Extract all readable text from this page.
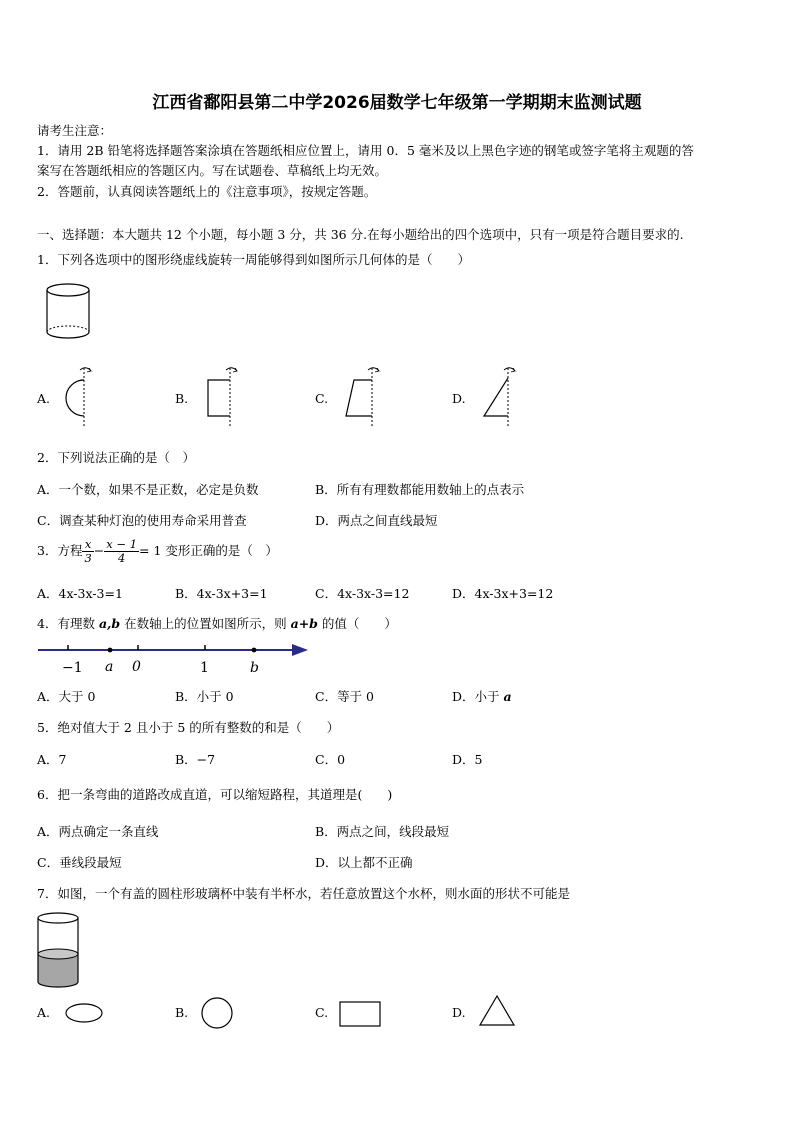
江西省鄱阳县第二中学2026届数学七年级第一学期期末监测试题
请考生注意：
1．请用 2B 铅笔将选择题答案涂填在答题纸相应位置上，请用 0．5 毫米及以上黑色字迹的钢笔或签字笔将主观题的答
案写在答题纸相应的答题区内。写在试题卷、草稿纸上均无效。
2．答题前，认真阅读答题纸上的《注意事项》，按规定答题。
一、选择题：本大题共 12 个小题，每小题 3 分，共 36 分.在每小题给出的四个选项中，只有一项是符合题目要求的.
1．下列各选项中的图形绕虚线旋转一周能够得到如图所示几何体的是（　　）
A.	B.	C.	D.
2．下列说法正确的是（　）
A．一个数，如果不是正数，必定是负数	B．所有有理数都能用数轴上的点表示
C．调查某种灯泡的使用寿命采用普查	D．两点之间直线最短
3．方程 $\frac{x}{3} - \frac{x - 1}{4} = 1$ 变形正确的是（　）
A．4x-3x-3=1	B．4x-3x+3=1	C．4x-3x-3=12	D．4x-3x+3=12
4．有理数 a,b 在数轴上的位置如图所示，则 a+b 的值（　　）
−1 a 0	1	b
A．大于 0	B．小于 0	C．等于 0	D．小于 a
5．绝对值大于 2 且小于 5 的所有整数的和是（　　）
A．7	B．−7	C．0	D．5
6．把一条弯曲的道路改成直道，可以缩短路程，其道理是(　　)
A．两点确定一条直线	B．两点之间，线段最短
C．垂线段最短	D．以上都不正确
7．如图，一个有盖的圆柱形玻璃杯中装有半杯水，若任意放置这个水杯，则水面的形状不可能是
A.	B.	C.	D.
